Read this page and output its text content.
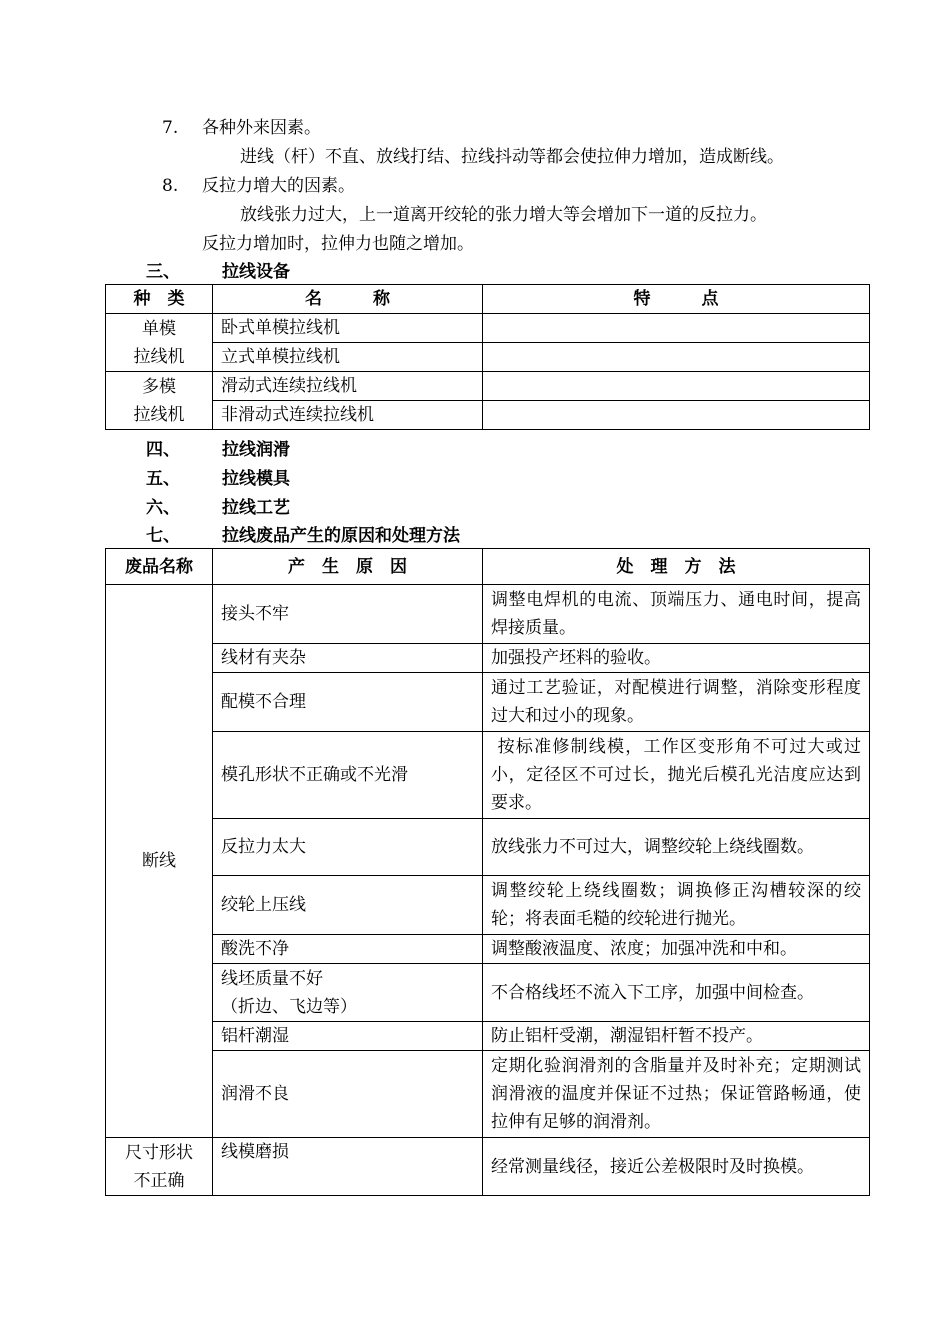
7. 各种外来因素。
进线（杆）不直、放线打结、拉线抖动等都会使拉伸力增加，造成断线。
8. 反拉力增大的因素。
放线张力过大，上一道离开绞轮的张力增大等会增加下一道的反拉力。
反拉力增加时，拉伸力也随之增加。
三、 拉线设备
种　类	名　　　称	特　　　点
单模
拉线机	卧式单模拉线机	
	立式单模拉线机	
多模
拉线机	滑动式连续拉线机	
	非滑动式连续拉线机	
四、 拉线润滑
五、 拉线模具
六、 拉线工艺
七、 拉线废品产生的原因和处理方法
废品名称	产　生　原　因	处　理　方　法
断线	接头不牢	调整电焊机的电流、顶端压力、通电时间，提高焊接质量。
	线材有夹杂	加强投产坯料的验收。
	配模不合理	通过工艺验证，对配模进行调整，消除变形程度过大和过小的现象。
	模孔形状不正确或不光滑	按标准修制线模，工作区变形角不可过大或过小，定径区不可过长，抛光后模孔光洁度应达到要求。
	反拉力太大	放线张力不可过大，调整绞轮上绕线圈数。
	绞轮上压线	调整绞轮上绕线圈数；调换修正沟槽较深的绞轮；将表面毛糙的绞轮进行抛光。
	酸洗不净	调整酸液温度、浓度；加强冲洗和中和。
	线坯质量不好
（折边、飞边等）	不合格线坯不流入下工序，加强中间检查。
	铝杆潮湿	防止铝杆受潮，潮湿铝杆暂不投产。
	润滑不良	定期化验润滑剂的含脂量并及时补充；定期测试润滑液的温度并保证不过热；保证管路畅通，使拉伸有足够的润滑剂。
尺寸形状
不正确	线模磨损	经常测量线径，接近公差极限时及时换模。
